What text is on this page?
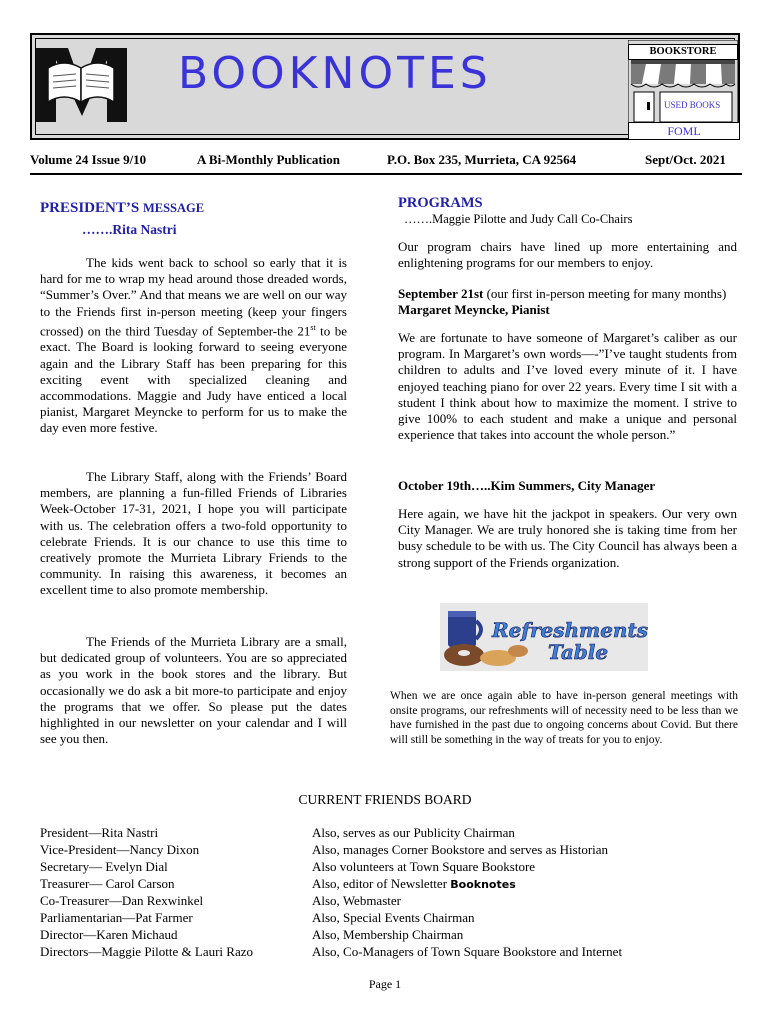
BOOKNOTES	BOOKSTORE
USED BOOKS
FOML
Volume 24 Issue 9/10	A Bi-Monthly Publication	P.O. Box 235, Murrieta, CA 92564	Sept/Oct. 2021
PRESIDENT’S MESSAGE
…….Rita Nastri
The kids went back to school so early that it is hard for me to wrap my head around those dreaded words, “Summer’s Over.” And that means we are well on our way to the Friends first in-person meeting (keep your fingers crossed) on the third Tuesday of September-the 21st to be exact. The Board is looking forward to seeing everyone again and the Library Staff has been preparing for this exciting event with specialized cleaning and accommodations. Maggie and Judy have enticed a local pianist, Margaret Meyncke to perform for us to make the day even more festive.
The Library Staff, along with the Friends’ Board members, are planning a fun-filled Friends of Libraries Week-October 17-31, 2021, I hope you will participate with us. The celebration offers a two-fold opportunity to celebrate Friends. It is our chance to use this time to creatively promote the Murrieta Library Friends to the community. In raising this awareness, it becomes an excellent time to also promote membership.
The Friends of the Murrieta Library are a small, but dedicated group of volunteers. You are so appreciated as you work in the book stores and the library. But occasionally we do ask a bit more-to participate and enjoy the programs that we offer. So please put the dates highlighted in our newsletter on your calendar and I will see you then.
PROGRAMS
…….Maggie Pilotte and Judy Call Co-Chairs
Our program chairs have lined up more entertaining and enlightening programs for our members to enjoy.
September 21st (our first in-person meeting for many months) Margaret Meyncke, Pianist
We are fortunate to have someone of Margaret’s caliber as our program. In Margaret’s own words—-”I’ve taught students from children to adults and I’ve loved every minute of it. I have enjoyed teaching piano for over 22 years. Every time I sit with a student I think about how to maximize the moment. I strive to give 100% to each student and make a unique and personal experience that takes into account the whole person.”
October 19th…..Kim Summers, City Manager
Here again, we have hit the jackpot in speakers. Our very own City Manager. We are truly honored she is taking time from her busy schedule to be with us. The City Council has always been a strong support of the Friends organization.
Refreshments
Table
When we are once again able to have in-person general meetings with onsite programs, our refreshments will of necessity need to be less than we have furnished in the past due to ongoing concerns about Covid. But there will still be something in the way of treats for you to enjoy.
CURRENT FRIENDS BOARD
President—Rita Nastri	Also, serves as our Publicity Chairman
Vice-President—Nancy Dixon	Also, manages Corner Bookstore and serves as Historian
Secretary— Evelyn Dial	Also volunteers at Town Square Bookstore
Treasurer— Carol Carson	Also, editor of Newsletter Booknotes
Co-Treasurer—Dan Rexwinkel	Also, Webmaster
Parliamentarian—Pat Farmer	Also, Special Events Chairman
Director—Karen Michaud	Also, Membership Chairman
Directors—Maggie Pilotte & Lauri Razo	Also, Co-Managers of Town Square Bookstore and Internet
Page 1
